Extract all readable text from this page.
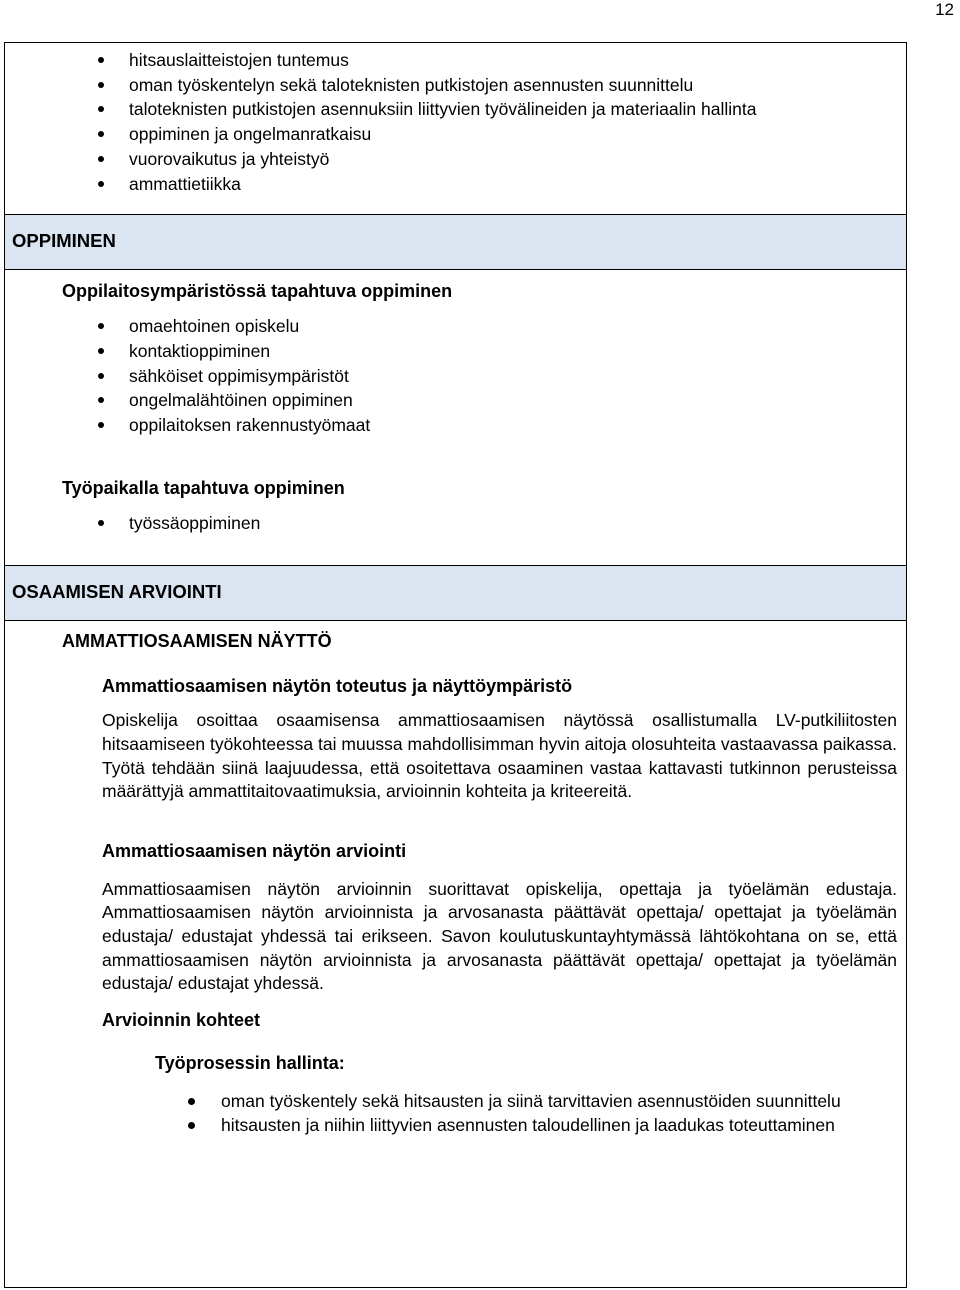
12
hitsauslaitteistojen tuntemus
oman työskentelyn sekä taloteknisten putkistojen asennusten suunnittelu
taloteknisten putkistojen asennuksiin liittyvien työvälineiden ja materiaalin hallinta
oppiminen ja ongelmanratkaisu
vuorovaikutus ja yhteistyö
ammattietiikka
OPPIMINEN
Oppilaitosympäristössä tapahtuva oppiminen
omaehtoinen opiskelu
kontaktioppiminen
sähköiset oppimisympäristöt
ongelmalähtöinen oppiminen
oppilaitoksen rakennustyömaat
Työpaikalla tapahtuva oppiminen
työssäoppiminen
OSAAMISEN ARVIOINTI
AMMATTIOSAAMISEN NÄYTTÖ
Ammattiosaamisen näytön toteutus ja näyttöympäristö
Opiskelija osoittaa osaamisensa ammattiosaamisen näytössä osallistumalla LV-putkiliitosten hitsaamiseen työkohteessa tai muussa mahdollisimman hyvin aitoja olosuhteita vastaavassa paikassa. Työtä tehdään siinä laajuudessa, että osoitettava osaaminen vastaa kattavasti tutkinnon perusteissa määrättyjä ammattitaitovaatimuksia, arvioinnin kohteita ja kriteereitä.
Ammattiosaamisen näytön arviointi
Ammattiosaamisen näytön arvioinnin suorittavat opiskelija, opettaja ja työelämän edustaja. Ammattiosaamisen näytön arvioinnista ja arvosanasta päättävät opettaja/ opettajat ja työelämän edustaja/ edustajat yhdessä tai erikseen. Savon koulutuskuntayhtymässä lähtökohtana on se, että ammattiosaamisen näytön arvioinnista ja arvosanasta päättävät opettaja/ opettajat ja työelämän edustaja/ edustajat yhdessä.
Arvioinnin kohteet
Työprosessin hallinta:
oman työskentely sekä hitsausten ja siinä tarvittavien asennustöiden suunnittelu
hitsausten ja niihin liittyvien asennusten taloudellinen ja laadukas toteuttaminen
